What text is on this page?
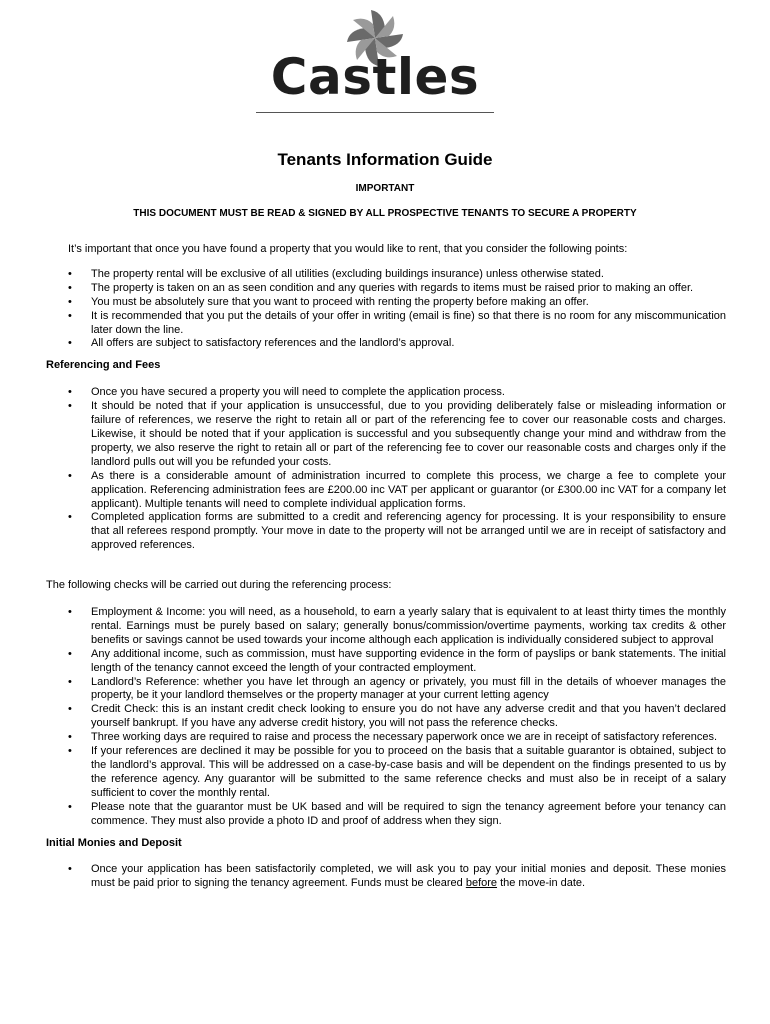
Castles
Tenants Information Guide
IMPORTANT
THIS DOCUMENT MUST BE READ & SIGNED BY ALL PROSPECTIVE TENANTS TO SECURE A PROPERTY

It’s important that once you have found a property that you would like to rent, that you consider the following points:

• The property rental will be exclusive of all utilities (excluding buildings insurance) unless otherwise stated.
• The property is taken on an as seen condition and any queries with regards to items must be raised prior to making an offer.
• You must be absolutely sure that you want to proceed with renting the property before making an offer.
• It is recommended that you put the details of your offer in writing (email is fine) so that there is no room for any miscommunication later down the line.
• All offers are subject to satisfactory references and the landlord’s approval.

Referencing and Fees

• Once you have secured a property you will need to complete the application process.
• It should be noted that if your application is unsuccessful, due to you providing deliberately false or misleading information or failure of references, we reserve the right to retain all or part of the referencing fee to cover our reasonable costs and charges. Likewise, it should be noted that if your application is successful and you subsequently change your mind and withdraw from the property, we also reserve the right to retain all or part of the referencing fee to cover our reasonable costs and charges only if the landlord pulls out will you be refunded your costs.
• As there is a considerable amount of administration incurred to complete this process, we charge a fee to complete your application. Referencing administration fees are £200.00 inc VAT per applicant or guarantor (or £300.00 inc VAT for a company let applicant). Multiple tenants will need to complete individual application forms.
• Completed application forms are submitted to a credit and referencing agency for processing. It is your responsibility to ensure that all referees respond promptly. Your move in date to the property will not be arranged until we are in receipt of satisfactory and approved references.

The following checks will be carried out during the referencing process:

• Employment & Income: you will need, as a household, to earn a yearly salary that is equivalent to at least thirty times the monthly rental. Earnings must be purely based on salary; generally bonus/commission/overtime payments, working tax credits & other benefits or savings cannot be used towards your income although each application is individually considered subject to approval
• Any additional income, such as commission, must have supporting evidence in the form of payslips or bank statements. The initial length of the tenancy cannot exceed the length of your contracted employment.
• Landlord’s Reference: whether you have let through an agency or privately, you must fill in the details of whoever manages the property, be it your landlord themselves or the property manager at your current letting agency
• Credit Check: this is an instant credit check looking to ensure you do not have any adverse credit and that you haven’t declared yourself bankrupt. If you have any adverse credit history, you will not pass the reference checks.
• Three working days are required to raise and process the necessary paperwork once we are in receipt of satisfactory references.
• If your references are declined it may be possible for you to proceed on the basis that a suitable guarantor is obtained, subject to the landlord’s approval. This will be addressed on a case-by-case basis and will be dependent on the findings presented to us by the reference agency. Any guarantor will be submitted to the same reference checks and must also be in receipt of a salary sufficient to cover the monthly rental.
• Please note that the guarantor must be UK based and will be required to sign the tenancy agreement before your tenancy can commence. They must also provide a photo ID and proof of address when they sign.

Initial Monies and Deposit

• Once your application has been satisfactorily completed, we will ask you to pay your initial monies and deposit. These monies must be paid prior to signing the tenancy agreement. Funds must be cleared before the move-in date.
